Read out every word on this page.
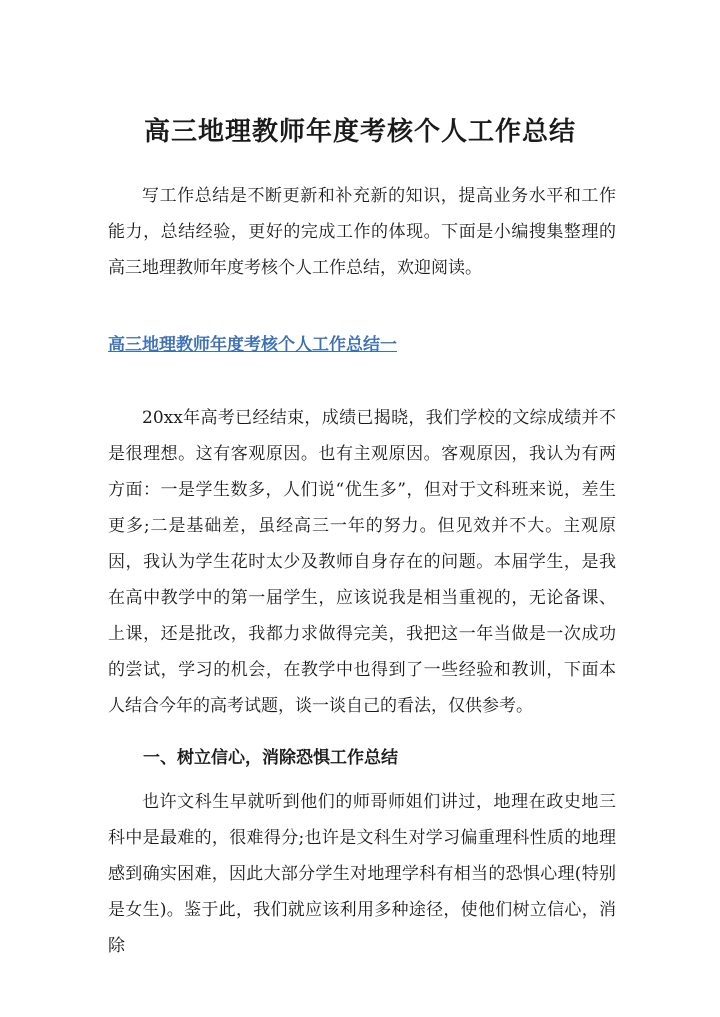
高三地理教师年度考核个人工作总结

写工作总结是不断更新和补充新的知识，提高业务水平和工作能力，总结经验，更好的完成工作的体现。下面是小编搜集整理的高三地理教师年度考核个人工作总结，欢迎阅读。

高三地理教师年度考核个人工作总结一

20xx年高考已经结束，成绩已揭晓，我们学校的文综成绩并不是很理想。这有客观原因。也有主观原因。客观原因，我认为有两方面：一是学生数多，人们说“优生多”，但对于文科班来说，差生更多;二是基础差，虽经高三一年的努力。但见效并不大。主观原因，我认为学生花时太少及教师自身存在的问题。本届学生，是我在高中教学中的第一届学生，应该说我是相当重视的，无论备课、上课，还是批改，我都力求做得完美，我把这一年当做是一次成功的尝试，学习的机会，在教学中也得到了一些经验和教训，下面本人结合今年的高考试题，谈一谈自己的看法，仅供参考。

一、树立信心，消除恐惧工作总结

也许文科生早就听到他们的师哥师姐们讲过，地理在政史地三科中是最难的，很难得分;也许是文科生对学习偏重理科性质的地理感到确实困难，因此大部分学生对地理学科有相当的恐惧心理(特别是女生)。鉴于此，我们就应该利用多种途径，使他们树立信心，消除
